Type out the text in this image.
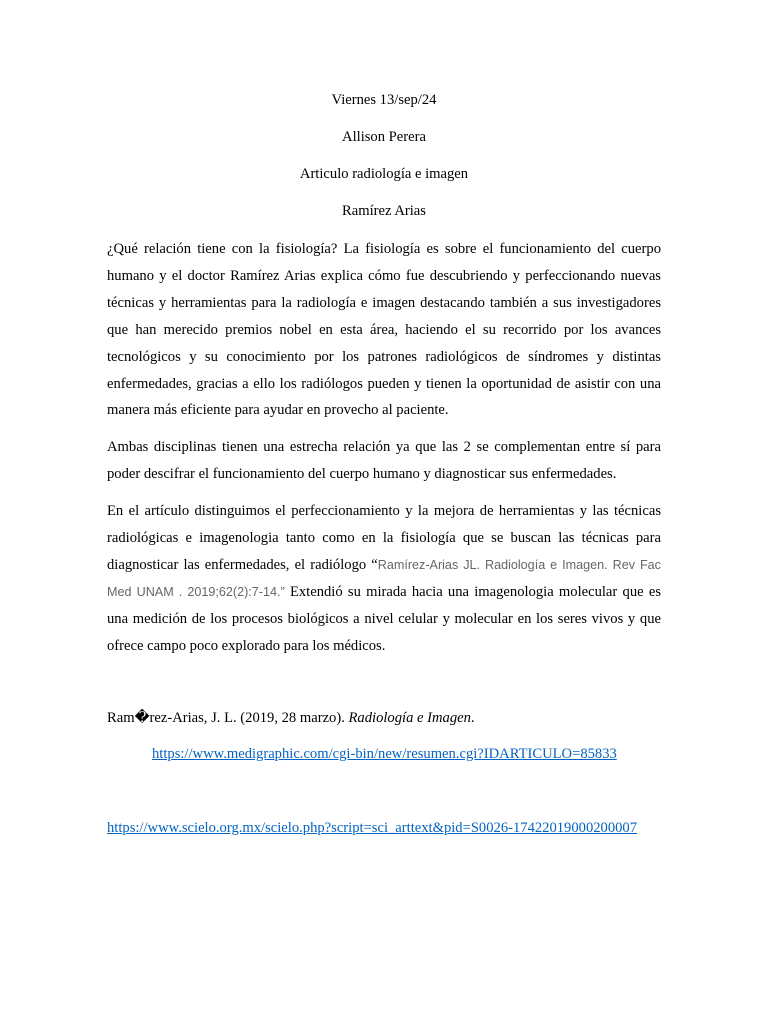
Viernes 13/sep/24

Allison Perera

Articulo radiología e imagen

Ramírez Arias

¿Qué relación tiene con la fisiología? La fisiología es sobre el funcionamiento del cuerpo humano y el doctor Ramírez Arias explica cómo fue descubriendo y perfeccionando nuevas técnicas y herramientas para la radiología e imagen destacando también a sus investigadores que han merecido premios nobel en esta área, haciendo el su recorrido por los avances tecnológicos y su conocimiento por los patrones radiológicos de síndromes y distintas enfermedades, gracias a ello los radiólogos pueden y tienen la oportunidad de asistir con una manera más eficiente para ayudar en provecho al paciente.

Ambas disciplinas tienen una estrecha relación ya que las 2 se complementan entre sí para poder descifrar el funcionamiento del cuerpo humano y diagnosticar sus enfermedades.

En el artículo distinguimos el perfeccionamiento y la mejora de herramientas y las técnicas radiológicas e imagenologia tanto como en la fisiología que se buscan las técnicas para diagnosticar las enfermedades, el radiólogo “Ramírez-Arias JL. Radiología e Imagen. Rev Fac Med UNAM . 2019;62(2):7-14.” Extendió su mirada hacia una imagenologia molecular que es una medición de los procesos biológicos a nivel celular y molecular en los seres vivos y que ofrece campo poco explorado para los médicos.

Ram�rez-Arias, J. L. (2019, 28 marzo). Radiología e Imagen.

https://www.medigraphic.com/cgi-bin/new/resumen.cgi?IDARTICULO=85833

https://www.scielo.org.mx/scielo.php?script=sci_arttext&pid=S0026-17422019000200007
